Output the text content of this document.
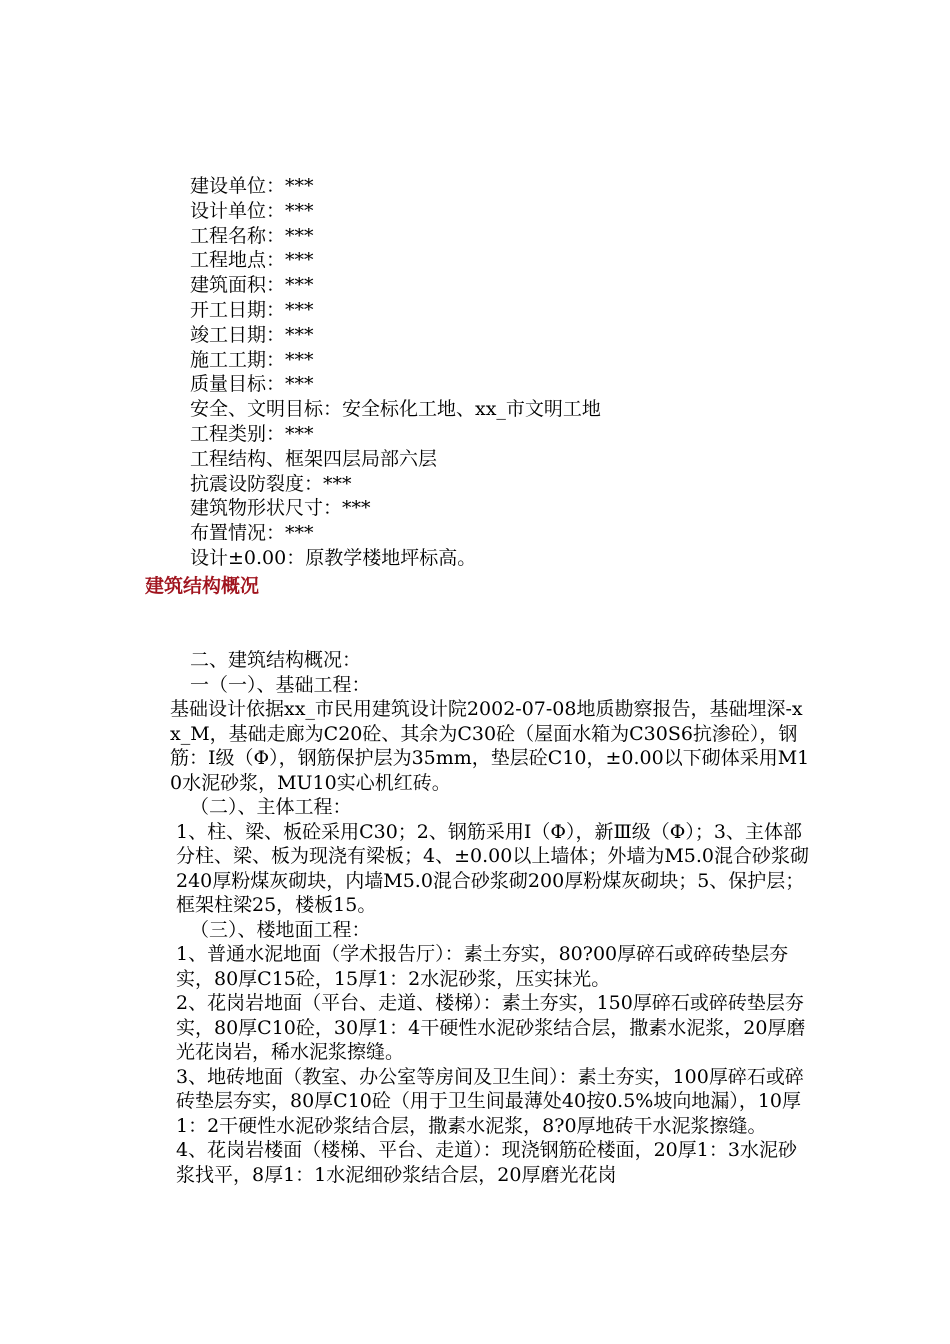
建设单位：***
设计单位：***
工程名称：***
工程地点：***
建筑面积：***
开工日期：***
竣工日期：***
施工工期：***
质量目标：***
安全、文明目标：安全标化工地、xx_市文明工地
工程类别：***
工程结构、框架四层局部六层
抗震设防裂度：***
建筑物形状尺寸：***
布置情况：***
设计±0.00：原教学楼地坪标高。
建筑结构概况
二、建筑结构概况：
一（一）、基础工程：
基础设计依据xx_市民用建筑设计院2002-07-08地质勘察报告，基础埋深-xx_M，基础走廊为C20砼、其余为C30砼（屋面水箱为C30S6抗渗砼），钢筋：I级（Φ），钢筋保护层为35mm，垫层砼C10，±0.00以下砌体采用M10水泥砂浆，MU10实心机红砖。
（二）、主体工程：
1、柱、梁、板砼采用C30；2、钢筋采用I（Φ），新Ⅲ级（Φ）；3、主体部分柱、梁、板为现浇有梁板；4、±0.00以上墙体；外墙为M5.0混合砂浆砌240厚粉煤灰砌块，内墙M5.0混合砂浆砌200厚粉煤灰砌块；5、保护层；框架柱梁25，楼板15。
（三）、楼地面工程：
1、普通水泥地面（学术报告厅）：素土夯实，80?00厚碎石或碎砖垫层夯实，80厚C15砼，15厚1：2水泥砂浆，压实抹光。
2、花岗岩地面（平台、走道、楼梯）：素土夯实，150厚碎石或碎砖垫层夯实，80厚C10砼，30厚1：4干硬性水泥砂浆结合层，撒素水泥浆，20厚磨光花岗岩，稀水泥浆擦缝。
3、地砖地面（教室、办公室等房间及卫生间）：素土夯实，100厚碎石或碎砖垫层夯实，80厚C10砼（用于卫生间最薄处40按0.5%坡向地漏），10厚1：2干硬性水泥砂浆结合层，撒素水泥浆，8?0厚地砖干水泥浆擦缝。
4、花岗岩楼面（楼梯、平台、走道）：现浇钢筋砼楼面，20厚1：3水泥砂浆找平，8厚1：1水泥细砂浆结合层，20厚磨光花岗
